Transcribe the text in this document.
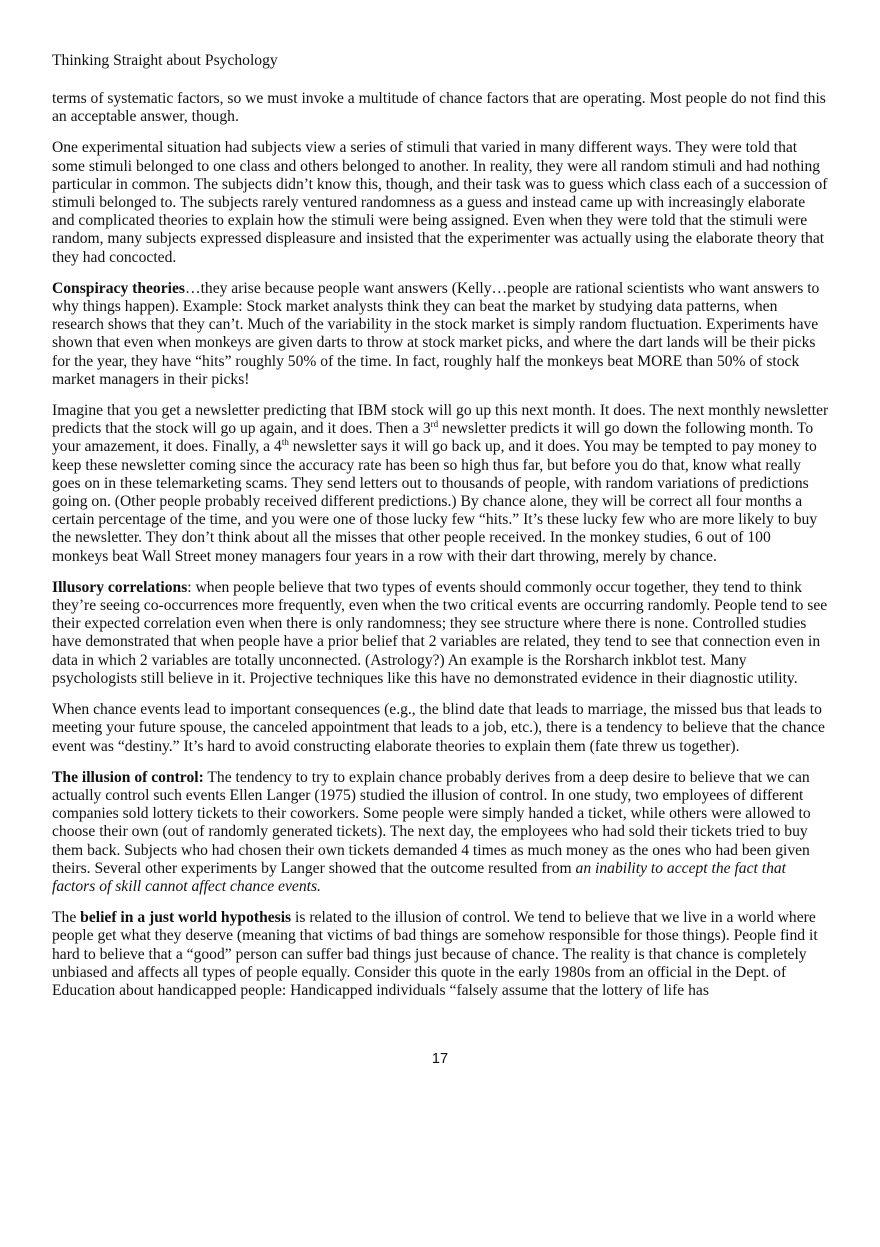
Thinking Straight about Psychology

terms of systematic factors, so we must invoke a multitude of chance factors that are operating. Most people do not find this an acceptable answer, though.

One experimental situation had subjects view a series of stimuli that varied in many different ways. They were told that some stimuli belonged to one class and others belonged to another. In reality, they were all random stimuli and had nothing particular in common. The subjects didn’t know this, though, and their task was to guess which class each of a succession of stimuli belonged to. The subjects rarely ventured randomness as a guess and instead came up with increasingly elaborate and complicated theories to explain how the stimuli were being assigned. Even when they were told that the stimuli were random, many subjects expressed displeasure and insisted that the experimenter was actually using the elaborate theory that they had concocted.

Conspiracy theories…they arise because people want answers (Kelly…people are rational scientists who want answers to why things happen). Example: Stock market analysts think they can beat the market by studying data patterns, when research shows that they can’t. Much of the variability in the stock market is simply random fluctuation. Experiments have shown that even when monkeys are given darts to throw at stock market picks, and where the dart lands will be their picks for the year, they have “hits” roughly 50% of the time. In fact, roughly half the monkeys beat MORE than 50% of stock market managers in their picks!

Imagine that you get a newsletter predicting that IBM stock will go up this next month. It does. The next monthly newsletter predicts that the stock will go up again, and it does. Then a 3rd newsletter predicts it will go down the following month. To your amazement, it does. Finally, a 4th newsletter says it will go back up, and it does. You may be tempted to pay money to keep these newsletter coming since the accuracy rate has been so high thus far, but before you do that, know what really goes on in these telemarketing scams. They send letters out to thousands of people, with random variations of predictions going on. (Other people probably received different predictions.) By chance alone, they will be correct all four months a certain percentage of the time, and you were one of those lucky few “hits.” It’s these lucky few who are more likely to buy the newsletter. They don’t think about all the misses that other people received. In the monkey studies, 6 out of 100 monkeys beat Wall Street money managers four years in a row with their dart throwing, merely by chance.

Illusory correlations: when people believe that two types of events should commonly occur together, they tend to think they’re seeing co-occurrences more frequently, even when the two critical events are occurring randomly. People tend to see their expected correlation even when there is only randomness; they see structure where there is none. Controlled studies have demonstrated that when people have a prior belief that 2 variables are related, they tend to see that connection even in data in which 2 variables are totally unconnected. (Astrology?) An example is the Rorsharch inkblot test. Many psychologists still believe in it. Projective techniques like this have no demonstrated evidence in their diagnostic utility.

When chance events lead to important consequences (e.g., the blind date that leads to marriage, the missed bus that leads to meeting your future spouse, the canceled appointment that leads to a job, etc.), there is a tendency to believe that the chance event was “destiny.” It’s hard to avoid constructing elaborate theories to explain them (fate threw us together).

The illusion of control: The tendency to try to explain chance probably derives from a deep desire to believe that we can actually control such events Ellen Langer (1975) studied the illusion of control. In one study, two employees of different companies sold lottery tickets to their coworkers. Some people were simply handed a ticket, while others were allowed to choose their own (out of randomly generated tickets). The next day, the employees who had sold their tickets tried to buy them back. Subjects who had chosen their own tickets demanded 4 times as much money as the ones who had been given theirs. Several other experiments by Langer showed that the outcome resulted from an inability to accept the fact that factors of skill cannot affect chance events.

The belief in a just world hypothesis is related to the illusion of control. We tend to believe that we live in a world where people get what they deserve (meaning that victims of bad things are somehow responsible for those things). People find it hard to believe that a “good” person can suffer bad things just because of chance. The reality is that chance is completely unbiased and affects all types of people equally. Consider this quote in the early 1980s from an official in the Dept. of Education about handicapped people: Handicapped individuals “falsely assume that the lottery of life has

17
